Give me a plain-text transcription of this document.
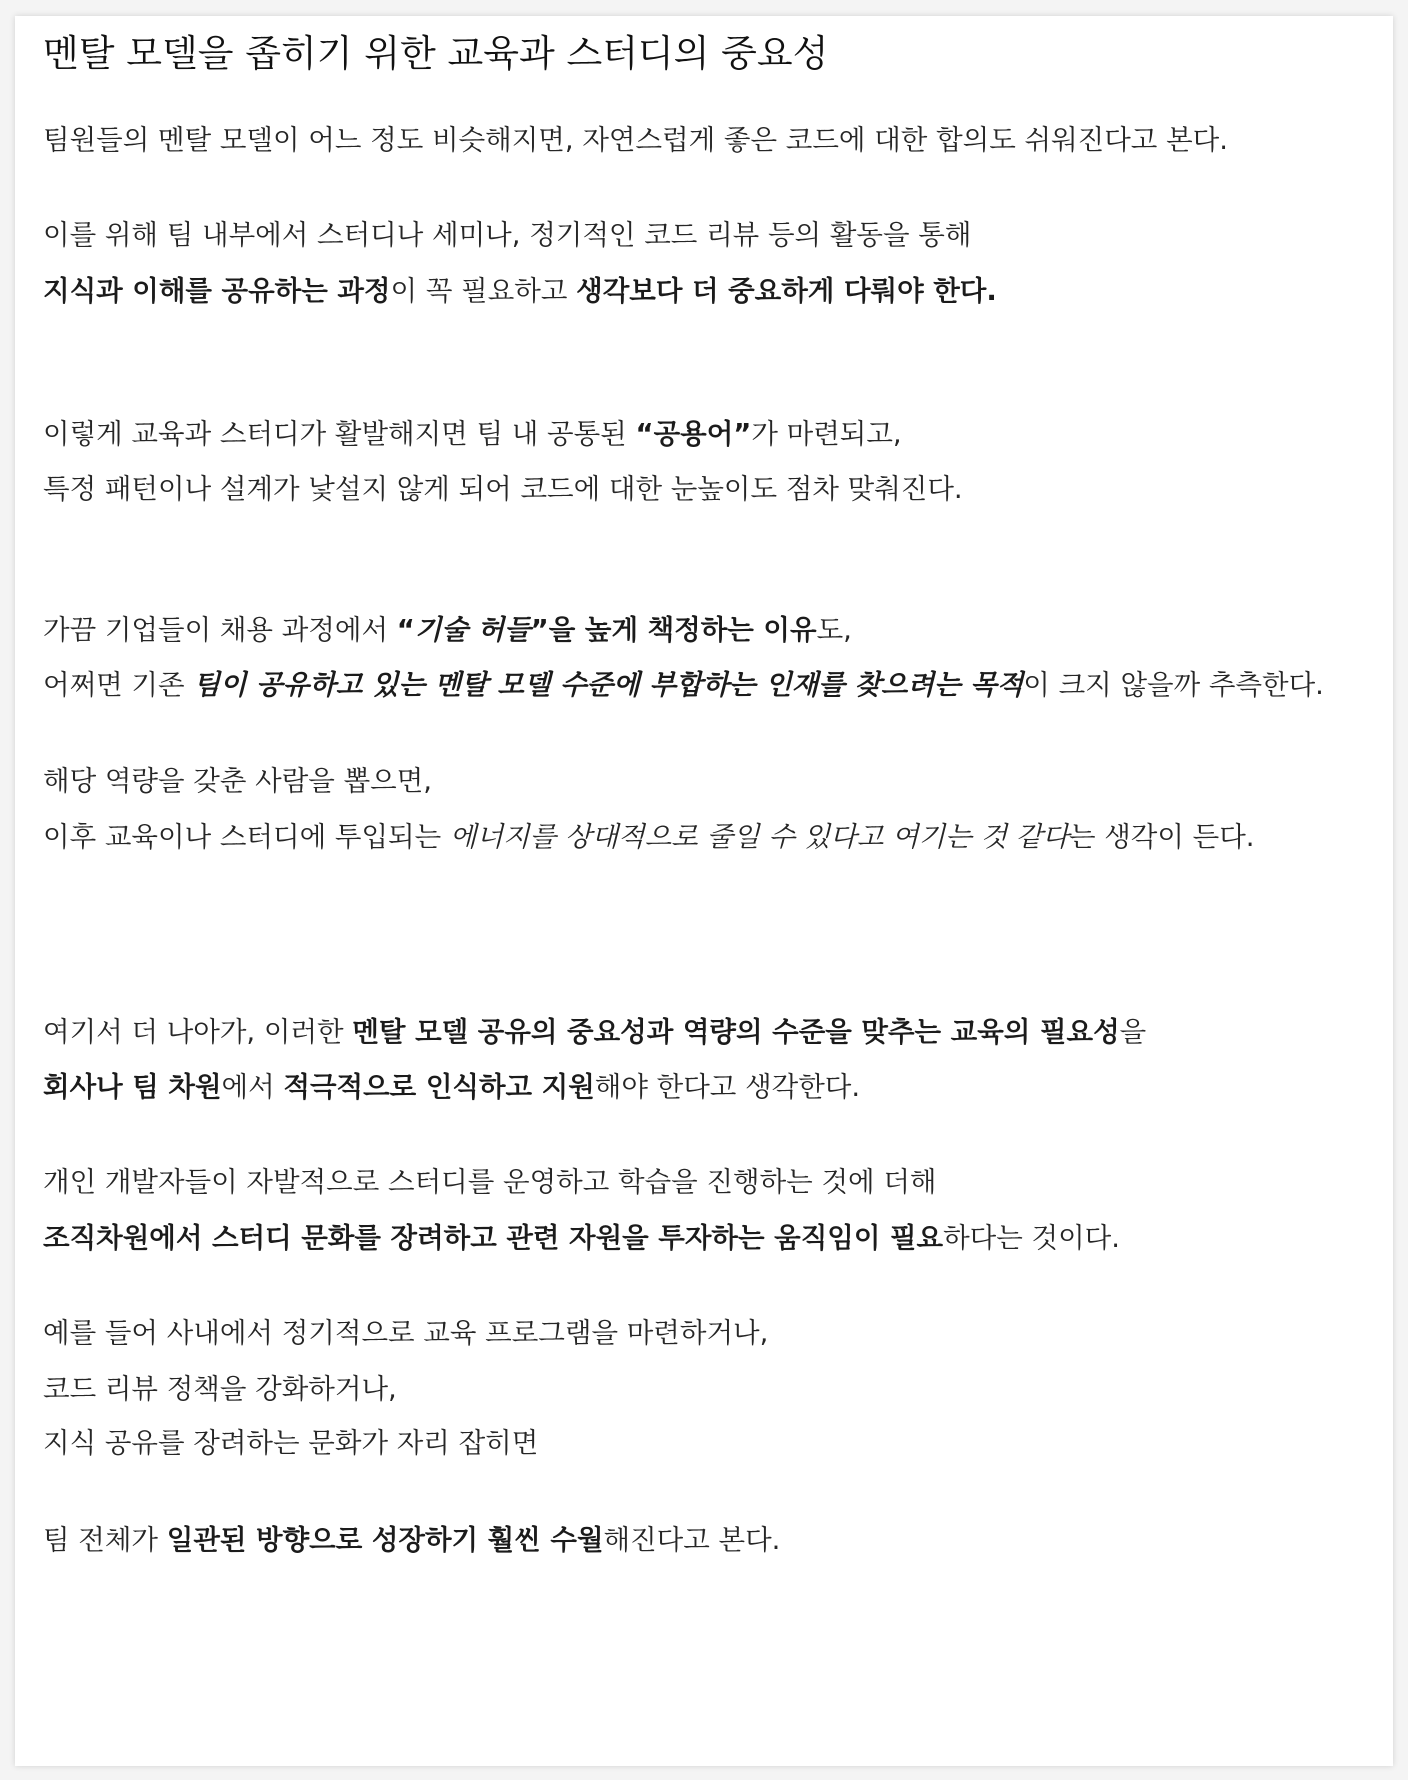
멘탈 모델을 좁히기 위한 교육과 스터디의 중요성

팀원들의 멘탈 모델이 어느 정도 비슷해지면, 자연스럽게 좋은 코드에 대한 합의도 쉬워진다고 본다.

이를 위해 팀 내부에서 스터디나 세미나, 정기적인 코드 리뷰 등의 활동을 통해

지식과 이해를 공유하는 과정이 꼭 필요하고 생각보다 더 중요하게 다뤄야 한다.

이렇게 교육과 스터디가 활발해지면 팀 내 공통된 “공용어”가 마련되고,

특정 패턴이나 설계가 낯설지 않게 되어 코드에 대한 눈높이도 점차 맞춰진다.

가끔 기업들이 채용 과정에서 “기술 허들”을 높게 책정하는 이유도,

어쩌면 기존 팀이 공유하고 있는 멘탈 모델 수준에 부합하는 인재를 찾으려는 목적이 크지 않을까 추측한다.

해당 역량을 갖춘 사람을 뽑으면,

이후 교육이나 스터디에 투입되는 에너지를 상대적으로 줄일 수 있다고 여기는 것 같다는 생각이 든다.

여기서 더 나아가, 이러한 멘탈 모델 공유의 중요성과 역량의 수준을 맞추는 교육의 필요성을

회사나 팀 차원에서 적극적으로 인식하고 지원해야 한다고 생각한다.

개인 개발자들이 자발적으로 스터디를 운영하고 학습을 진행하는 것에 더해

조직차원에서 스터디 문화를 장려하고 관련 자원을 투자하는 움직임이 필요하다는 것이다.

예를 들어 사내에서 정기적으로 교육 프로그램을 마련하거나,

코드 리뷰 정책을 강화하거나,

지식 공유를 장려하는 문화가 자리 잡히면

팀 전체가 일관된 방향으로 성장하기 훨씬 수월해진다고 본다.
